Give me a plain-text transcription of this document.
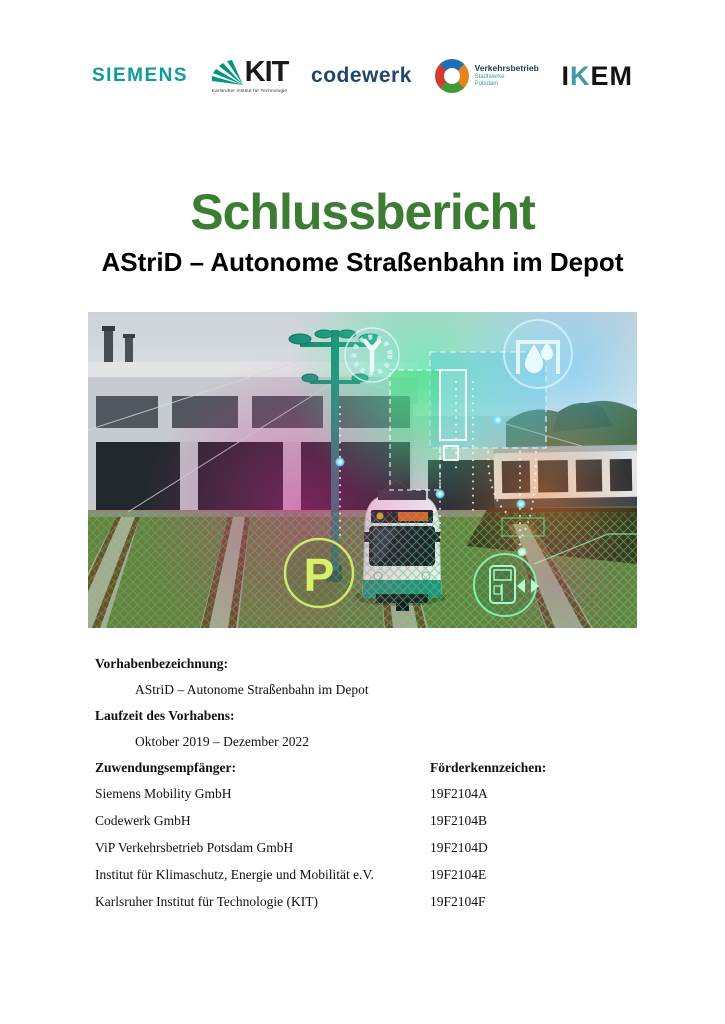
SIEMENS KIT
Karlsruher Institut für Technologie
codewerk	Verkehrsbetrieb
Stadtwerke
Potsdam	I K EM
Schlussbericht
AStriD – Autonome Straßenbahn im Depot
P
Vorhabenbezeichnung:
AStriD – Autonome Straßenbahn im Depot
Laufzeit des Vorhabens:
Oktober 2019 – Dezember 2022
Zuwendungsempfänger:	Förderkennzeichen:
Siemens Mobility GmbH	19F2104A
Codewerk GmbH	19F2104B
ViP Verkehrsbetrieb Potsdam GmbH	19F2104D
Institut für Klimaschutz, Energie und Mobilität e.V.	19F2104E
Karlsruher Institut für Technologie (KIT)	19F2104F
